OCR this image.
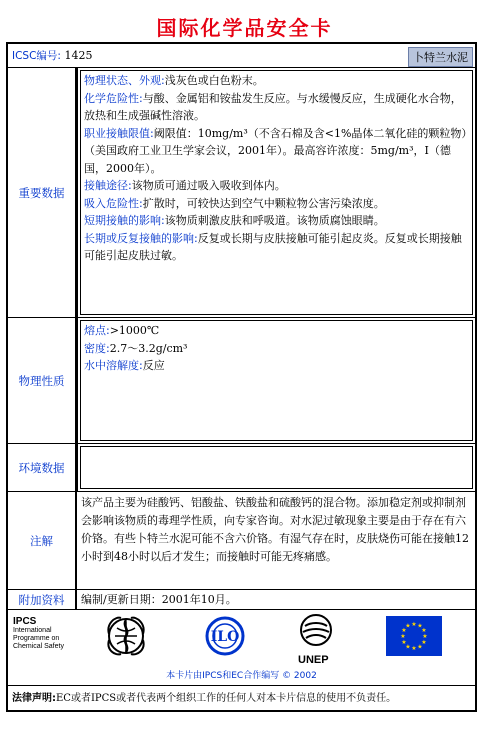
国际化学品安全卡
ICSC编号: 1425	卜特兰水泥
重要数据
物理状态、外观:浅灰色或白色粉末。
化学危险性:与酸、金属铝和铵盐发生反应。与水缓慢反应，生成硬化水合物，放热和生成强碱性溶液。
职业接触限值:阈限值：10mg/m³（不含石棉及含<1%晶体二氧化硅的颗粒物）（美国政府工业卫生学家会议，2001年）。最高容许浓度：5mg/m³，I（德国，2000年）。
接触途径:该物质可通过吸入吸收到体内。
吸入危险性:扩散时，可较快达到空气中颗粒物公害污染浓度。
短期接触的影响:该物质刺激皮肤和呼吸道。该物质腐蚀眼睛。
长期或反复接触的影响:反复或长期与皮肤接触可能引起皮炎。反复或长期接触可能引起皮肤过敏。
物理性质
熔点:>1000℃
密度:2.7～3.2g/cm³
水中溶解度:反应
环境数据
注解
该产品主要为硅酸钙、铝酸盐、铁酸盐和硫酸钙的混合物。添加稳定剂或抑制剂会影响该物质的毒理学性质，向专家咨询。对水泥过敏现象主要是由于存在有六价铬。有些卜特兰水泥可能不含六价铬。有湿气存在时，皮肤烧伤可能在接触12小时到48小时以后才发生；而接触时可能无疼痛感。
附加资料	编制/更新日期：2001年10月。
IPCS
International
Programme on
Chemical Safety
ILO
UNEP
★ ★
★
★
★
★
★
★
★
★
★
★
本卡片由IPCS和EC合作编写 © 2002
法律声明:EC或者IPCS或者代表两个组织工作的任何人对本卡片信息的使用不负责任。
